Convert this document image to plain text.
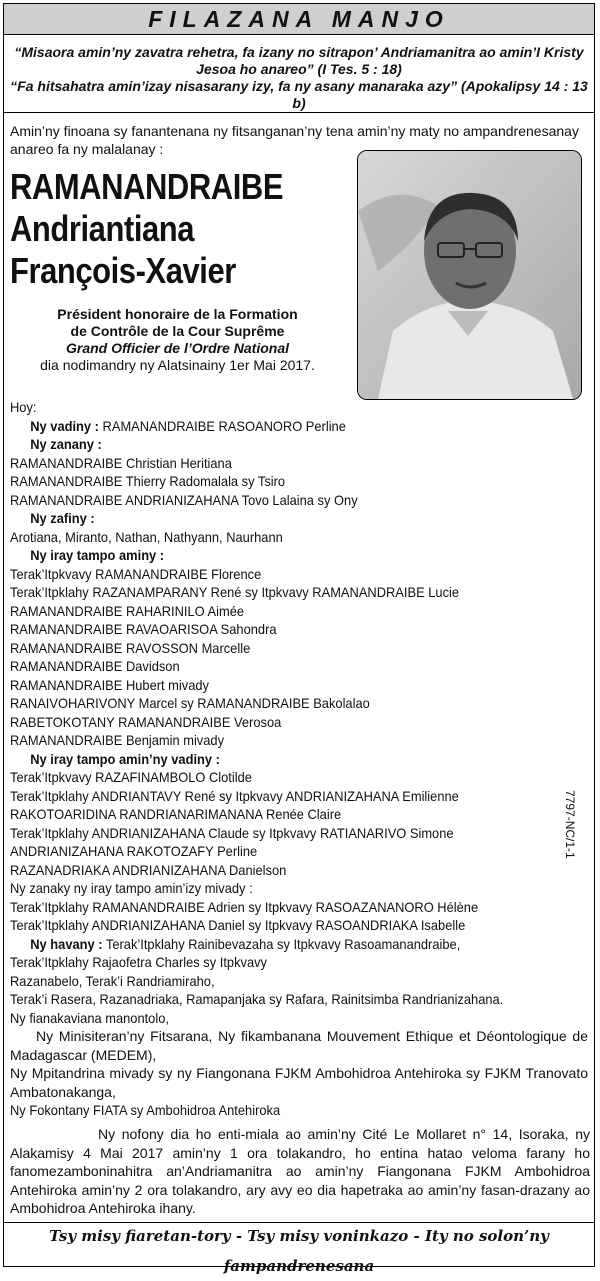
FILAZANA MANJO
“Misaora amin’ny zavatra rehetra, fa izany no sitrapon’ Andriamanitra ao amin’I Kristy Jesoa ho anareo” (I Tes. 5 : 18)
“Fa hitsahatra amin’izay nisasarany izy, fa ny asany manaraka azy” (Apokalipsy 14 : 13 b)
Amin’ny finoana sy fanantenana ny fitsanganan’ny tena amin’ny maty no ampandrenesanay anareo fa ny malalanay :
RAMANANDRAIBE
Andriantiana
François-Xavier
Président honoraire de la Formation
de Contrôle de la Cour Suprême
Grand Officier de l’Ordre National
dia nodimandry ny Alatsinainy 1er Mai 2017.
Hoy:
Ny vadiny : RAMANANDRAIBE RASOANORO Perline
Ny zanany :
RAMANANDRAIBE Christian Heritiana
RAMANANDRAIBE Thierry Radomalala sy Tsiro
RAMANANDRAIBE ANDRIANIZAHANA Tovo Lalaina sy Ony
Ny zafiny :
Arotiana, Miranto, Nathan, Nathyann, Naurhann
Ny iray tampo aminy :
Terak’Itpkvavy RAMANANDRAIBE Florence
Terak’Itpklahy RAZANAMPARANY René sy Itpkvavy RAMANANDRAIBE Lucie
RAMANANDRAIBE RAHARINILO Aimée
RAMANANDRAIBE RAVAOARISOA Sahondra
RAMANANDRAIBE RAVOSSON Marcelle
RAMANANDRAIBE Davidson
RAMANANDRAIBE Hubert mivady
RANAIVOHARIVONY Marcel sy RAMANANDRAIBE Bakolalao
RABETOKOTANY RAMANANDRAIBE Verosoa
RAMANANDRAIBE Benjamin mivady
Ny iray tampo amin’ny vadiny :
Terak’Itpkvavy RAZAFINAMBOLO Clotilde
Terak’Itpklahy ANDRIANTAVY René sy Itpkvavy ANDRIANIZAHANA Emilienne
RAKOTOARIDINA RANDRIANARIMANANA Renée Claire
Terak’Itpklahy ANDRIANIZAHANA Claude sy Itpkvavy RATIANARIVO Simone
ANDRIANIZAHANA RAKOTOZAFY Perline
RAZANADRIAKA ANDRIANIZAHANA Danielson
Ny zanaky ny iray tampo amin’izy mivady :
Terak’Itpklahy RAMANANDRAIBE Adrien sy Itpkvavy RASOAZANANORO Hélène
Terak’Itpklahy ANDRIANIZAHANA Daniel sy Itpkvavy RASOANDRIAKA Isabelle
Ny havany : Terak’Itpklahy Rainibevazaha sy Itpkvavy Rasoamanandraibe,
Terak’Itpklahy Rajaofetra Charles sy Itpkvavy
Razanabelo, Terak’i Randriamiraho,
Terak’i Rasera, Razanadriaka, Ramapanjaka sy Rafara, Rainitsimba Randrianizahana.
Ny fianakaviana manontolo,
Ny Minisiteran’ny Fitsarana, Ny fikambanana Mouvement Ethique et Déontologique de Madagascar (MEDEM),
Ny Mpitandrina mivady sy ny Fiangonana FJKM Ambohidroa Antehiroka sy FJKM Tranovato Ambatonakanga,
Ny Fokontany FIATA sy Ambohidroa Antehiroka
7797-NC/1-1
Ny nofony dia ho enti-miala ao amin’ny Cité Le Mollaret n° 14, Isoraka, ny Alakamisy 4 Mai 2017 amin’ny 1 ora tolakandro, ho entina hatao veloma farany ho fanomezamboninahitra an’Andriamanitra ao amin’ny Fiangonana FJKM Ambohidroa Antehiroka amin’ny 2 ora tolakandro, ary avy eo dia hapetraka ao amin’ny fasan-drazany ao Ambohidroa Antehiroka ihany.
Tsy misy fiaretan-tory - Tsy misy voninkazo - Ity no solon’ny fampandrenesana
